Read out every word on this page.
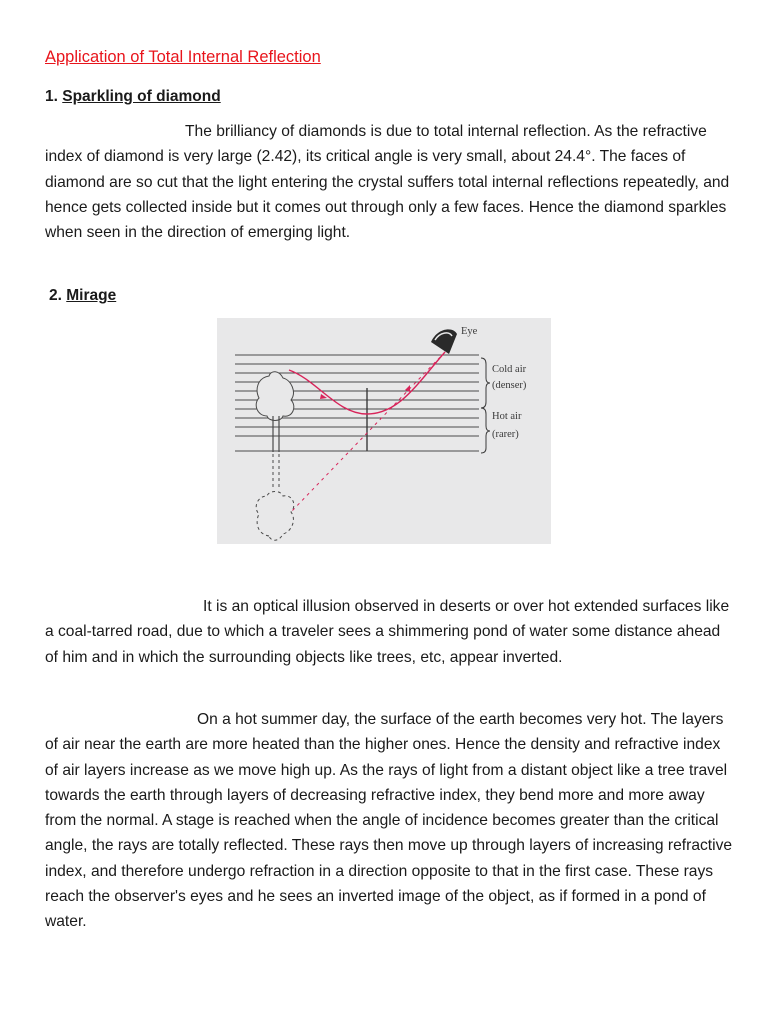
Application of Total Internal Reflection
1. Sparkling of diamond

The brilliancy of diamonds is due to total internal reflection. As the refractive index of diamond is very large (2.42), its critical angle is very small, about 24.4°. The faces of diamond are so cut that the light entering the crystal suffers total internal reflections repeatedly, and hence gets collected inside but it comes out through only a few faces. Hence the diamond sparkles when seen in the direction of emerging light.

2. Mirage

It is an optical illusion observed in deserts or over hot extended surfaces like a coal-tarred road, due to which a traveler sees a shimmering pond of water some distance ahead of him and in which the surrounding objects like trees, etc, appear inverted.

On a hot summer day, the surface of the earth becomes very hot. The layers of air near the earth are more heated than the higher ones. Hence the density and refractive index of air layers increase as we move high up. As the rays of light from a distant object like a tree travel towards the earth through layers of decreasing refractive index, they bend more and more away from the normal. A stage is reached when the angle of incidence becomes greater than the critical angle, the rays are totally reflected. These rays then move up through layers of increasing refractive index, and therefore undergo refraction in a direction opposite to that in the first case. These rays reach the observer's eyes and he sees an inverted image of the object, as if formed in a pond of water.

Eye
Cold air
(denser)
Hot air
(rarer)
